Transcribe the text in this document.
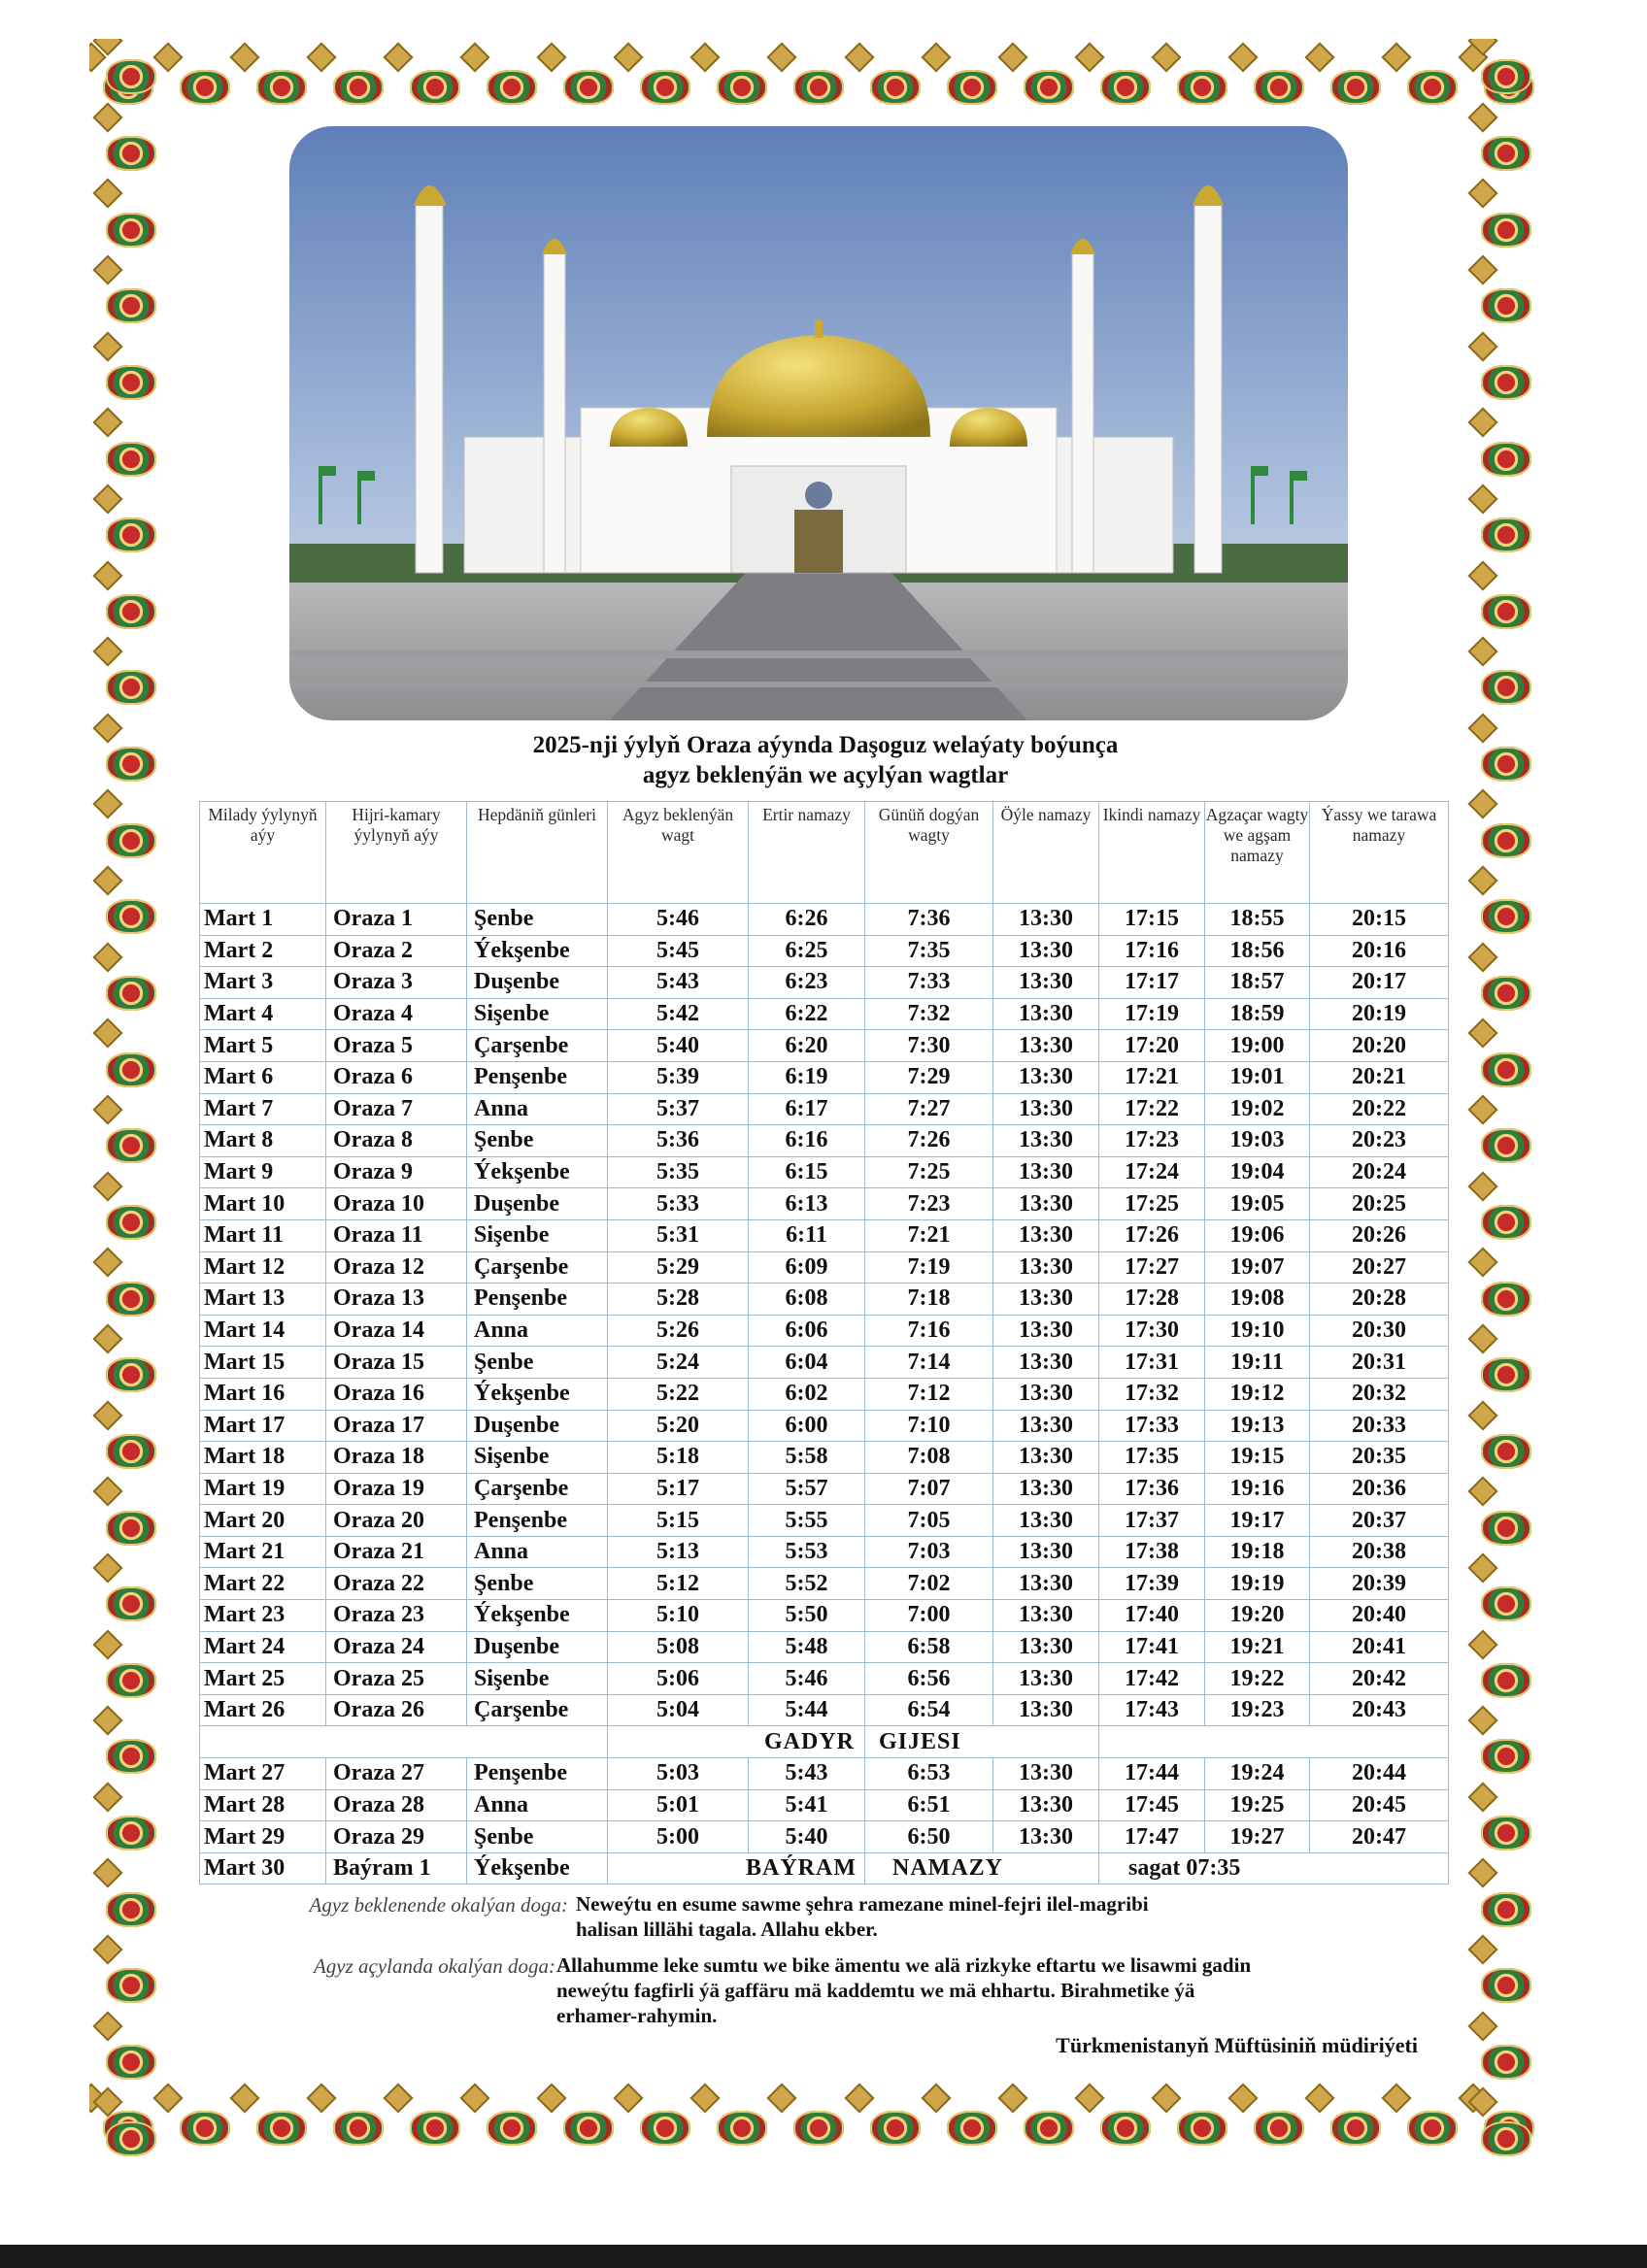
2025-nji ýylyň Oraza aýynda Daşoguz welaýaty boýunça
agyz beklenýän we açylýan wagtlar
Milady ýylynyň aýy	Hijri-kamary ýylynyň aýy	Hepdäniň günleri	Agyz beklenýän wagt	Ertir namazy	Günüň dogýan wagty	Öýle namazy	Ikindi namazy	Agzaçar wagty we agşam namazy	Ýassy we tarawa namazy
Mart 1	Oraza 1	Şenbe	5:46	6:26	7:36	13:30	17:15	18:55	20:15
Mart 2	Oraza 2	Ýekşenbe	5:45	6:25	7:35	13:30	17:16	18:56	20:16
Mart 3	Oraza 3	Duşenbe	5:43	6:23	7:33	13:30	17:17	18:57	20:17
Mart 4	Oraza 4	Sişenbe	5:42	6:22	7:32	13:30	17:19	18:59	20:19
Mart 5	Oraza 5	Çarşenbe	5:40	6:20	7:30	13:30	17:20	19:00	20:20
Mart 6	Oraza 6	Penşenbe	5:39	6:19	7:29	13:30	17:21	19:01	20:21
Mart 7	Oraza 7	Anna	5:37	6:17	7:27	13:30	17:22	19:02	20:22
Mart 8	Oraza 8	Şenbe	5:36	6:16	7:26	13:30	17:23	19:03	20:23
Mart 9	Oraza 9	Ýekşenbe	5:35	6:15	7:25	13:30	17:24	19:04	20:24
Mart 10	Oraza 10	Duşenbe	5:33	6:13	7:23	13:30	17:25	19:05	20:25
Mart 11	Oraza 11	Sişenbe	5:31	6:11	7:21	13:30	17:26	19:06	20:26
Mart 12	Oraza 12	Çarşenbe	5:29	6:09	7:19	13:30	17:27	19:07	20:27
Mart 13	Oraza 13	Penşenbe	5:28	6:08	7:18	13:30	17:28	19:08	20:28
Mart 14	Oraza 14	Anna	5:26	6:06	7:16	13:30	17:30	19:10	20:30
Mart 15	Oraza 15	Şenbe	5:24	6:04	7:14	13:30	17:31	19:11	20:31
Mart 16	Oraza 16	Ýekşenbe	5:22	6:02	7:12	13:30	17:32	19:12	20:32
Mart 17	Oraza 17	Duşenbe	5:20	6:00	7:10	13:30	17:33	19:13	20:33
Mart 18	Oraza 18	Sişenbe	5:18	5:58	7:08	13:30	17:35	19:15	20:35
Mart 19	Oraza 19	Çarşenbe	5:17	5:57	7:07	13:30	17:36	19:16	20:36
Mart 20	Oraza 20	Penşenbe	5:15	5:55	7:05	13:30	17:37	19:17	20:37
Mart 21	Oraza 21	Anna	5:13	5:53	7:03	13:30	17:38	19:18	20:38
Mart 22	Oraza 22	Şenbe	5:12	5:52	7:02	13:30	17:39	19:19	20:39
Mart 23	Oraza 23	Ýekşenbe	5:10	5:50	7:00	13:30	17:40	19:20	20:40
Mart 24	Oraza 24	Duşenbe	5:08	5:48	6:58	13:30	17:41	19:21	20:41
Mart 25	Oraza 25	Sişenbe	5:06	5:46	6:56	13:30	17:42	19:22	20:42
Mart 26	Oraza 26	Çarşenbe	5:04	5:44	6:54	13:30	17:43	19:23	20:43
			GADYR		GIJESI				
Mart 27	Oraza 27	Penşenbe	5:03	5:43	6:53	13:30	17:44	19:24	20:44
Mart 28	Oraza 28	Anna	5:01	5:41	6:51	13:30	17:45	19:25	20:45
Mart 29	Oraza 29	Şenbe	5:00	5:40	6:50	13:30	17:47	19:27	20:47
Mart 30	Baýram 1	Ýekşenbe	BAÝRAM		NAMAZY		sagat 07:35		
Agyz beklenende okalýan doga: Neweýtu en esume sawme şehra ramezane minel-fejri ilel-magribi
halisan lillähi tagala. Allahu ekber.
Agyz açylanda okalýan doga: Allahumme leke sumtu we bike ämentu we alä rizkyke eftartu we lisawmi gadin
neweýtu fagfirli ýä gaffäru mä kaddemtu we mä ehhartu. Birahmetike ýä
erhamer-rahymin.
Türkmenistanyň Müftüsiniň müdiriýeti
